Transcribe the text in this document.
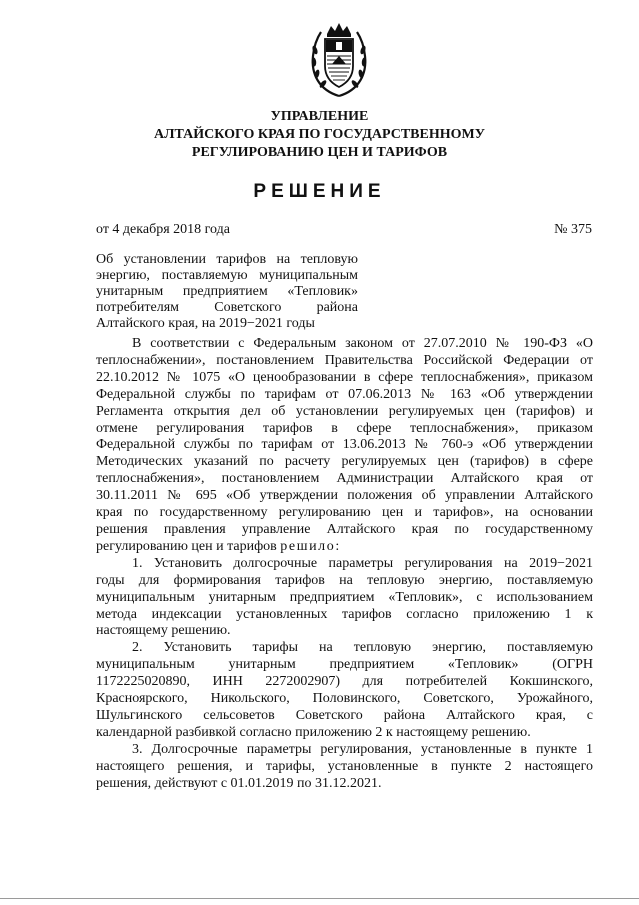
УПРАВЛЕНИЕ
АЛТАЙСКОГО КРАЯ ПО ГОСУДАРСТВЕННОМУ
РЕГУЛИРОВАНИЮ ЦЕН И ТАРИФОВ
РЕШЕНИЕ
от 4 декабря 2018 года	№ 375
Об установлении тарифов на тепловую
энергию, поставляемую муниципальным
унитарным предприятием «Тепловик»
потребителям Советского района
Алтайского края, на 2019−2021 годы
В соответствии с Федеральным законом от 27.07.2010 № 190-ФЗ «О
теплоснабжении», постановлением Правительства Российской Федерации от
22.10.2012 № 1075 «О ценообразовании в сфере теплоснабжения», приказом
Федеральной службы по тарифам от 07.06.2013 № 163 «Об утверждении
Регламента открытия дел об установлении регулируемых цен (тарифов) и
отмене регулирования тарифов в сфере теплоснабжения», приказом
Федеральной службы по тарифам от 13.06.2013 № 760-э «Об утверждении
Методических указаний по расчету регулируемых цен (тарифов) в сфере
теплоснабжения», постановлением Администрации Алтайского края от
30.11.2011 № 695 «Об утверждении положения об управлении Алтайского
края по государственному регулированию цен и тарифов», на основании
решения правления управление Алтайского края по государственному
регулированию цен и тарифов решило:
1. Установить долгосрочные параметры регулирования на 2019−2021
годы для формирования тарифов на тепловую энергию, поставляемую
муниципальным унитарным предприятием «Тепловик», с использованием
метода индексации установленных тарифов согласно приложению 1 к
настоящему решению.
2. Установить тарифы на тепловую энергию, поставляемую
муниципальным унитарным предприятием «Тепловик» (ОГРН
1172225020890, ИНН 2272002907) для потребителей Кокшинского,
Красноярского, Никольского, Половинского, Советского, Урожайного,
Шульгинского сельсоветов Советского района Алтайского края, с
календарной разбивкой согласно приложению 2 к настоящему решению.
3. Долгосрочные параметры регулирования, установленные в пункте 1
настоящего решения, и тарифы, установленные в пункте 2 настоящего
решения, действуют с 01.01.2019 по 31.12.2021.
